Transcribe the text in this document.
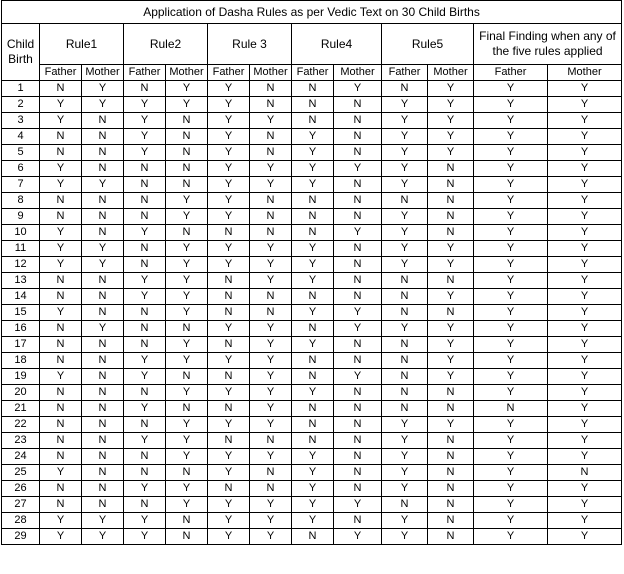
Application of Dasha Rules as per Vedic Text on 30 Child Births												
Child
Birth	Rule1		Rule2		Rule 3		Rule4		Rule5		Final Finding when any of
the five rules applied	
	Father	Mother	Father	Mother	Father	Mother	Father	Mother	Father	Mother	Father	Mother
1	N	Y	N	Y	Y	N	N	Y	N	Y	Y	Y
2	Y	Y	Y	Y	Y	N	N	N	Y	Y	Y	Y
3	Y	N	Y	N	Y	Y	N	N	Y	Y	Y	Y
4	N	N	Y	N	Y	N	Y	N	Y	Y	Y	Y
5	N	N	Y	N	Y	N	Y	N	Y	Y	Y	Y
6	Y	N	N	N	Y	Y	Y	Y	Y	N	Y	Y
7	Y	Y	N	N	Y	Y	Y	N	Y	N	Y	Y
8	N	N	N	Y	Y	N	N	N	N	N	Y	Y
9	N	N	N	Y	Y	N	N	N	Y	N	Y	Y
10	Y	N	Y	N	N	N	N	Y	Y	N	Y	Y
11	Y	Y	N	Y	Y	Y	Y	N	Y	Y	Y	Y
12	Y	Y	N	Y	Y	Y	Y	N	Y	Y	Y	Y
13	N	N	Y	Y	N	Y	Y	N	N	N	Y	Y
14	N	N	Y	Y	N	N	N	N	N	Y	Y	Y
15	Y	N	N	Y	N	N	Y	Y	N	N	Y	Y
16	N	Y	N	N	Y	Y	N	Y	Y	Y	Y	Y
17	N	N	N	Y	N	Y	Y	N	N	Y	Y	Y
18	N	N	Y	Y	Y	Y	N	N	N	Y	Y	Y
19	Y	N	Y	N	N	Y	N	Y	N	Y	Y	Y
20	N	N	N	Y	Y	Y	Y	N	N	N	Y	Y
21	N	N	Y	N	N	Y	N	N	N	N	N	Y
22	N	N	N	Y	Y	Y	N	N	Y	Y	Y	Y
23	N	N	Y	Y	N	N	N	N	Y	N	Y	Y
24	N	N	N	Y	Y	Y	Y	N	Y	N	Y	Y
25	Y	N	N	N	Y	N	Y	N	Y	N	Y	N
26	N	N	Y	Y	N	N	Y	N	Y	N	Y	Y
27	N	N	N	Y	Y	Y	Y	Y	N	N	Y	Y
28	Y	Y	Y	N	Y	Y	Y	N	Y	N	Y	Y
29	Y	Y	Y	N	Y	Y	N	Y	Y	N	Y	Y
